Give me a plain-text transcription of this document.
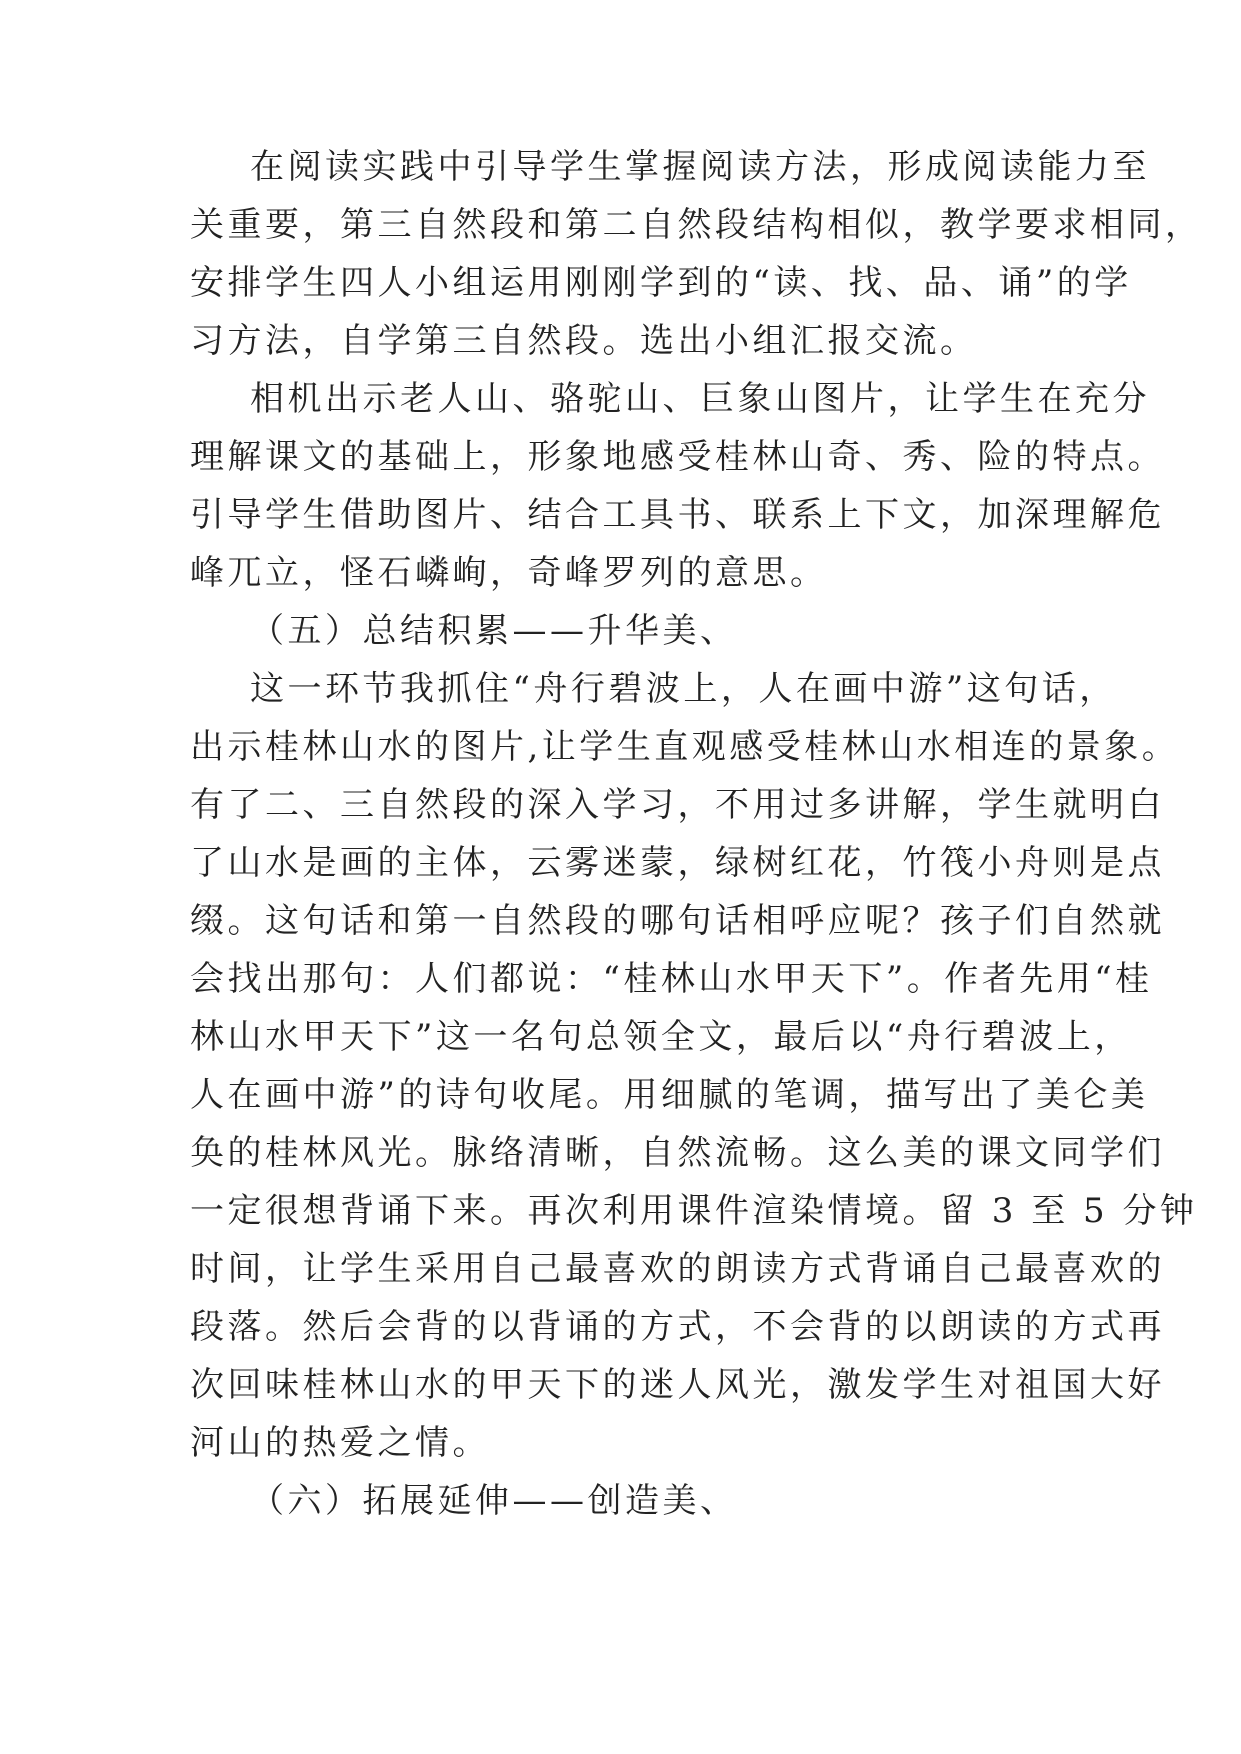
在阅读实践中引导学生掌握阅读方法，形成阅读能力至
关重要，第三自然段和第二自然段结构相似，教学要求相同，
安排学生四人小组运用刚刚学到的“读、找、品、诵”的学
习方法，自学第三自然段。选出小组汇报交流。
相机出示老人山、骆驼山、巨象山图片，让学生在充分
理解课文的基础上，形象地感受桂林山奇、秀、险的特点。
引导学生借助图片、结合工具书、联系上下文，加深理解危
峰兀立，怪石嶙峋，奇峰罗列的意思。
（五）总结积累——升华美、
这一环节我抓住“舟行碧波上，人在画中游”这句话，
出示桂林山水的图片,让学生直观感受桂林山水相连的景象。
有了二、三自然段的深入学习，不用过多讲解，学生就明白
了山水是画的主体，云雾迷蒙，绿树红花，竹筏小舟则是点
缀。这句话和第一自然段的哪句话相呼应呢？孩子们自然就
会找出那句：人们都说：“桂林山水甲天下”。作者先用“桂
林山水甲天下”这一名句总领全文，最后以“舟行碧波上，
人在画中游”的诗句收尾。用细腻的笔调，描写出了美仑美
奂的桂林风光。脉络清晰，自然流畅。这么美的课文同学们
一定很想背诵下来。再次利用课件渲染情境。留 3 至 5 分钟
时间，让学生采用自己最喜欢的朗读方式背诵自己最喜欢的
段落。然后会背的以背诵的方式，不会背的以朗读的方式再
次回味桂林山水的甲天下的迷人风光，激发学生对祖国大好
河山的热爱之情。
（六）拓展延伸——创造美、
